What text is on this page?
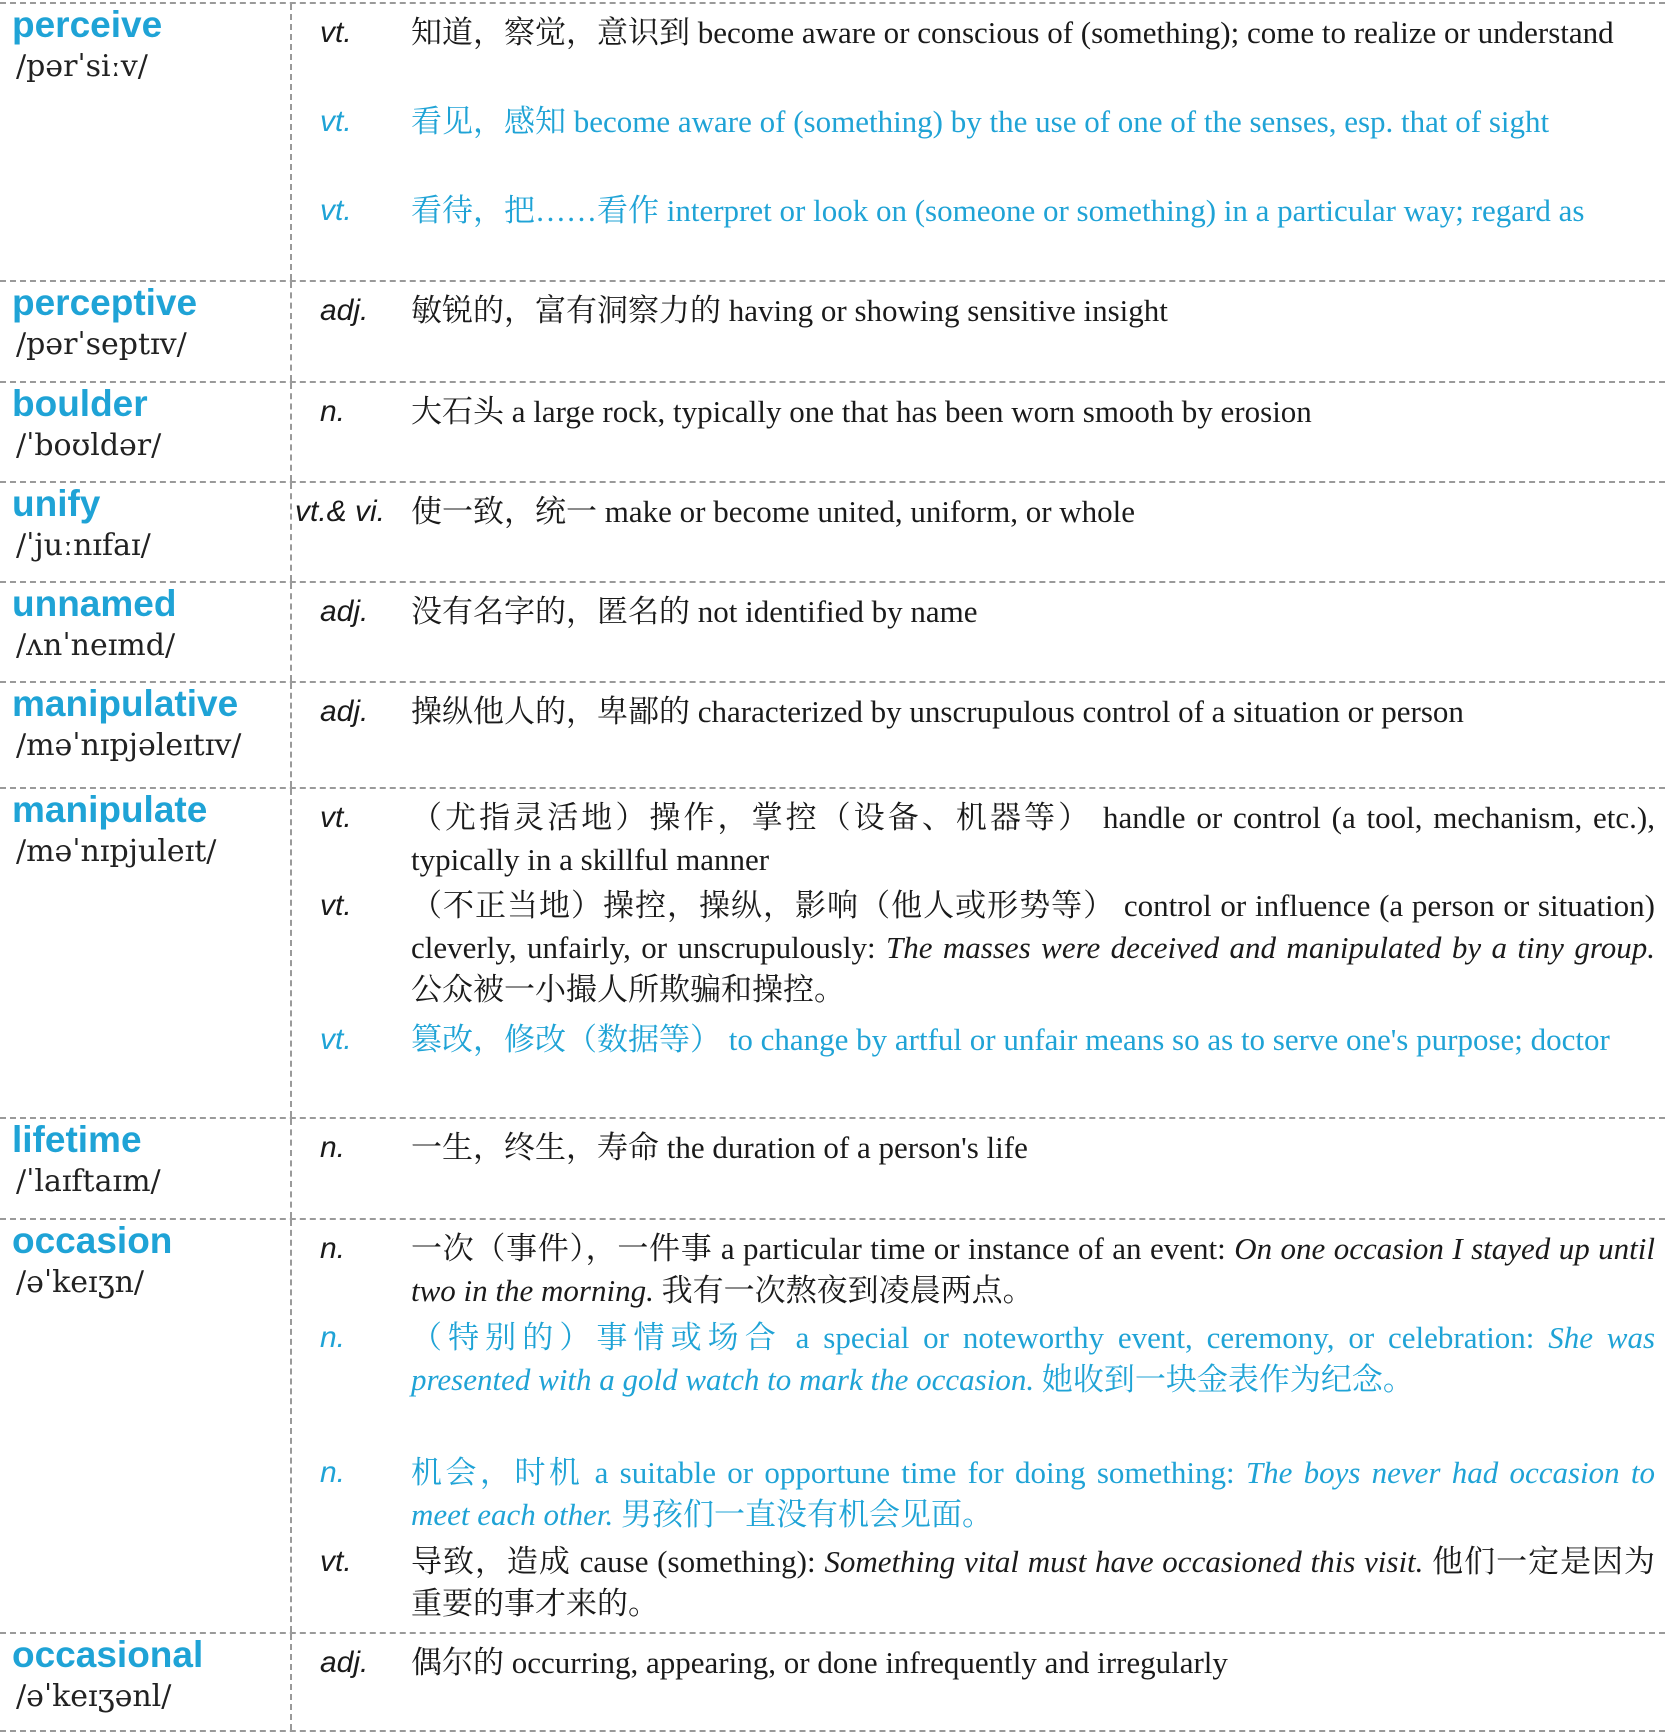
perceive
/pərˈsiːv/
vt. 知道，察觉，意识到 become aware or conscious of (something); come to realize or understand
vt. 看见，感知 become aware of (something) by the use of one of the senses, esp. that of sight
vt. 看待，把……看作 interpret or look on (someone or something) in a particular way; regard as
perceptive
/pərˈseptɪv/
adj. 敏锐的，富有洞察力的 having or showing sensitive insight
boulder
/ˈboʊldər/
n. 大石头 a large rock, typically one that has been worn smooth by erosion
unify
/ˈjuːnɪfaɪ/
vt.& vi. 使一致，统一 make or become united, uniform, or whole
unnamed
/ʌnˈneɪmd/
adj. 没有名字的，匿名的 not identified by name
manipulative
/məˈnɪpjəleɪtɪv/
adj. 操纵他人的，卑鄙的 characterized by unscrupulous control of a situation or person
manipulate
/məˈnɪpjuleɪt/
vt. （尤指灵活地）操作，掌控（设备、机器等） handle or control (a tool, mechanism, etc.), typically in a skillful manner
vt. （不正当地）操控，操纵，影响（他人或形势等） control or influence (a person or situation) cleverly, unfairly, or unscrupulously: The masses were deceived and manipulated by a tiny group. 公众被一小撮人所欺骗和操控。
vt. 篡改，修改（数据等） to change by artful or unfair means so as to serve one's purpose; doctor
lifetime
/ˈlaɪftaɪm/
n. 一生，终生，寿命 the duration of a person's life
occasion
/əˈkeɪʒn/
n. 一次（事件），一件事 a particular time or instance of an event: On one occasion I stayed up until two in the morning. 我有一次熬夜到凌晨两点。
n. （特别的）事情或场合 a special or noteworthy event, ceremony, or celebration: She was presented with a gold watch to mark the occasion. 她收到一块金表作为纪念。
n. 机会，时机 a suitable or opportune time for doing something: The boys never had occasion to meet each other. 男孩们一直没有机会见面。
vt. 导致，造成 cause (something): Something vital must have occasioned this visit. 他们一定是因为重要的事才来的。
occasional
/əˈkeɪʒənl/
adj. 偶尔的 occurring, appearing, or done infrequently and irregularly
